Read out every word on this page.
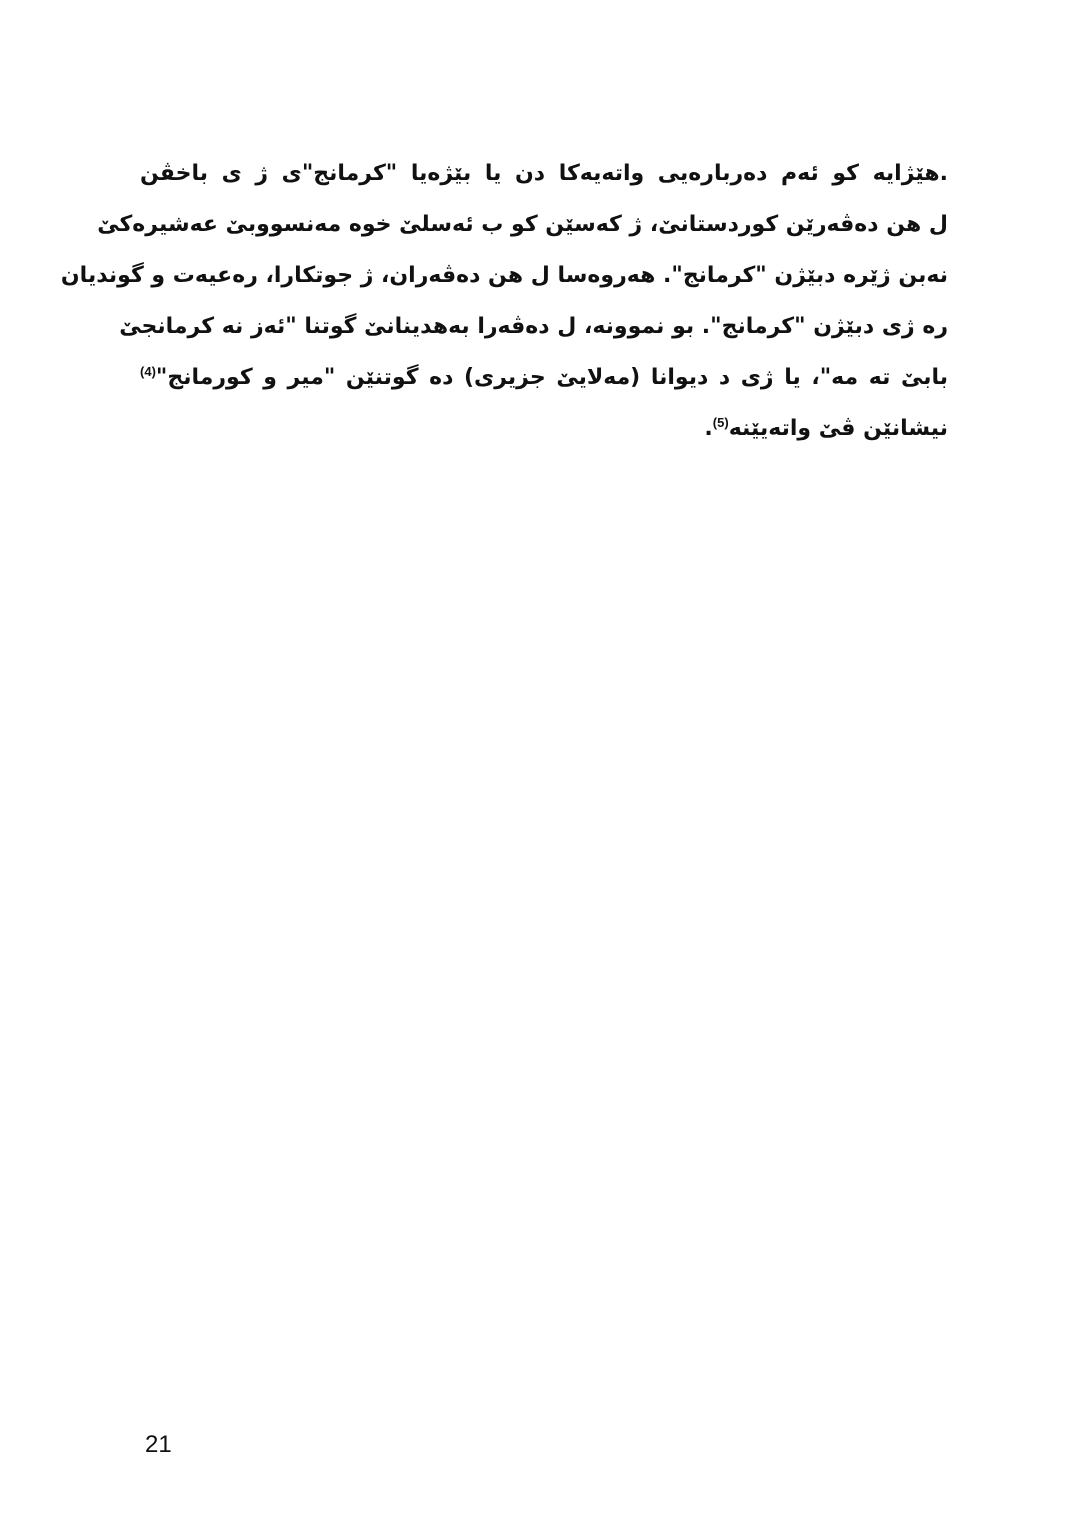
.هێژایە کو ئەم دەربارەیی واتەیەکا دن یا بێژەیا "کرمانج"ی ژ ی باخڤن
ل هن دەڤەرێن کوردستانێ، ژ کەسێن کو ب ئەسلێ خوە مەنسووبێ عەشیرەکێ
نەبن ژێرە دبێژن "کرمانج". هەروەسا ل هن دەڤەران، ژ جوتکارا، رەعیەت و گوندیان
رە ژی دبێژن "کرمانج". بو نموونە، ل دەڤەرا بەهدینانێ گوتنا "ئەز نە کرمانجێ
بابێ تە مە"، یا ژی د دیوانا (مەلایێ جزیری) دە گوتنێن "میر و کورمانج"$^{(4)}$
نیشانێن ڤێ واتەیێنە$^{(5)}$.
21
